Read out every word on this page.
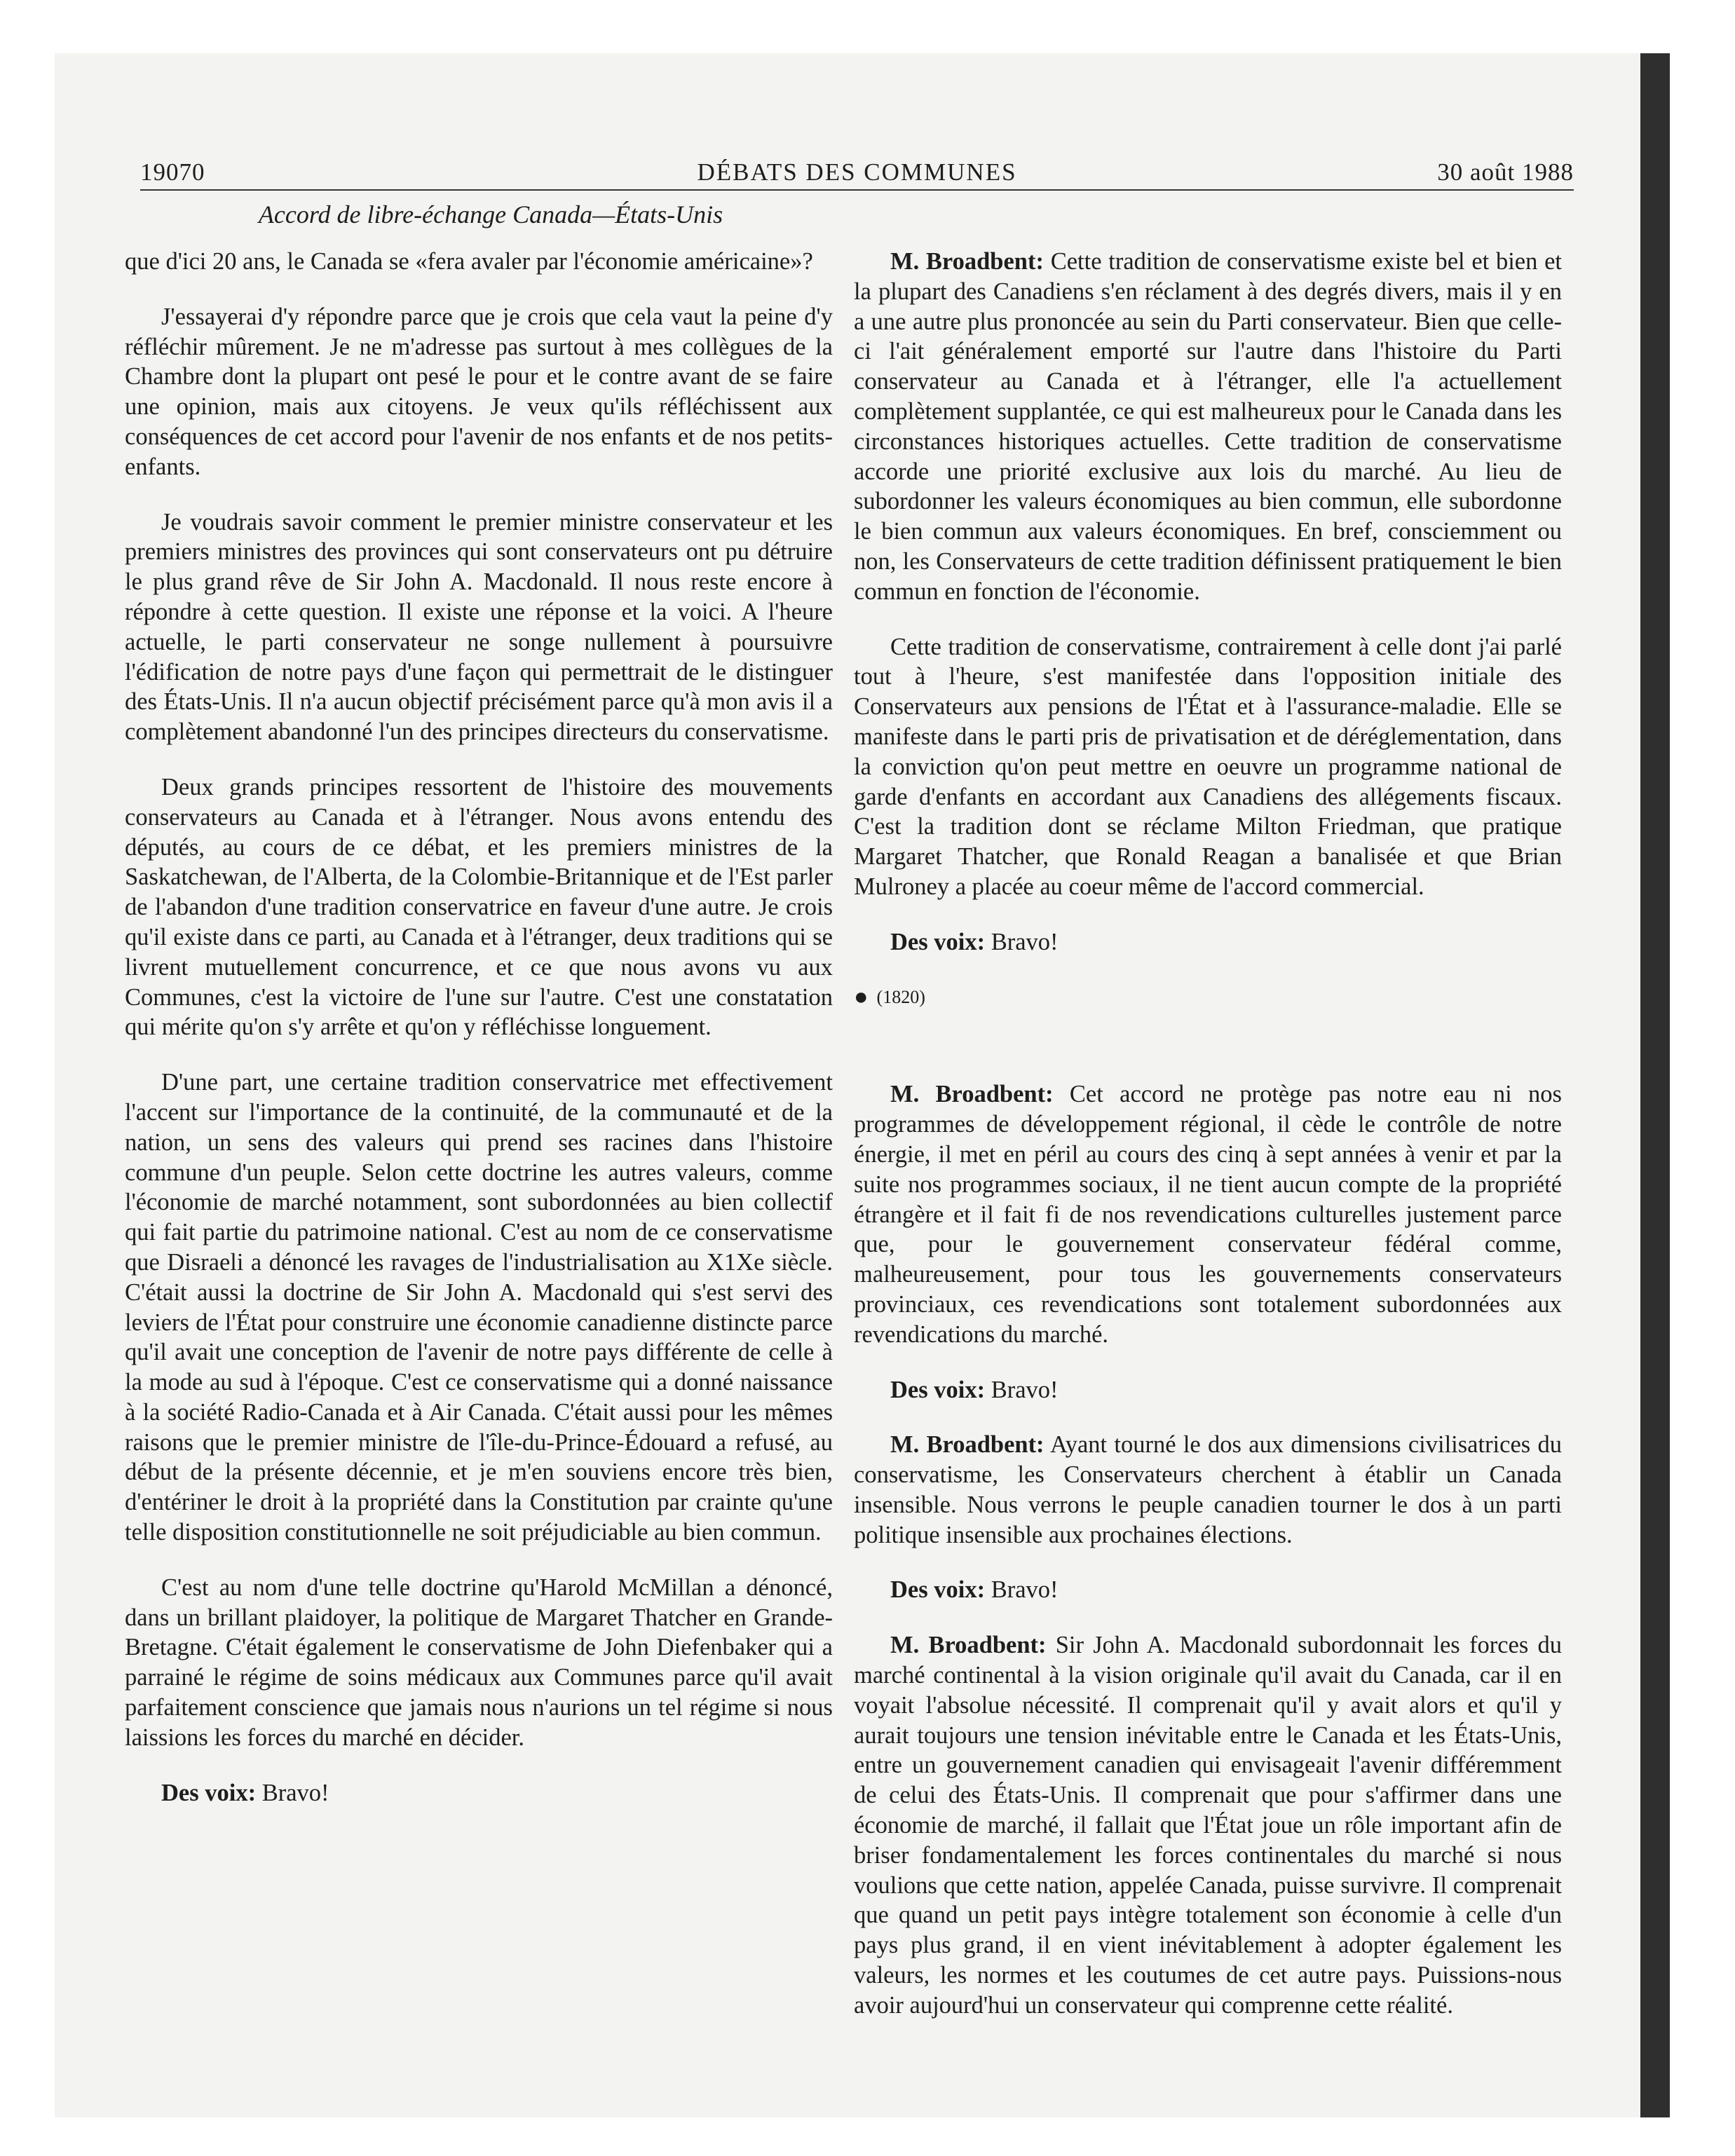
19070	DÉBATS DES COMMUNES	30 août 1988
Accord de libre-échange Canada—États-Unis

que d'ici 20 ans, le Canada se «fera avaler par l'économie américaine»?

J'essayerai d'y répondre parce que je crois que cela vaut la peine d'y réfléchir mûrement. Je ne m'adresse pas surtout à mes collègues de la Chambre dont la plupart ont pesé le pour et le contre avant de se faire une opinion, mais aux citoyens. Je veux qu'ils réfléchissent aux conséquences de cet accord pour l'avenir de nos enfants et de nos petits-enfants.

Je voudrais savoir comment le premier ministre conservateur et les premiers ministres des provinces qui sont conservateurs ont pu détruire le plus grand rêve de Sir John A. Macdonald. Il nous reste encore à répondre à cette question. Il existe une réponse et la voici. A l'heure actuelle, le parti conservateur ne songe nullement à poursuivre l'édification de notre pays d'une façon qui permettrait de le distinguer des États-Unis. Il n'a aucun objectif précisément parce qu'à mon avis il a complètement abandonné l'un des principes directeurs du conservatisme.

Deux grands principes ressortent de l'histoire des mouvements conservateurs au Canada et à l'étranger. Nous avons entendu des députés, au cours de ce débat, et les premiers ministres de la Saskatchewan, de l'Alberta, de la Colombie-Britannique et de l'Est parler de l'abandon d'une tradition conservatrice en faveur d'une autre. Je crois qu'il existe dans ce parti, au Canada et à l'étranger, deux traditions qui se livrent mutuellement concurrence, et ce que nous avons vu aux Communes, c'est la victoire de l'une sur l'autre. C'est une constatation qui mérite qu'on s'y arrête et qu'on y réfléchisse longuement.

D'une part, une certaine tradition conservatrice met effectivement l'accent sur l'importance de la continuité, de la communauté et de la nation, un sens des valeurs qui prend ses racines dans l'histoire commune d'un peuple. Selon cette doctrine les autres valeurs, comme l'économie de marché notamment, sont subordonnées au bien collectif qui fait partie du patrimoine national. C'est au nom de ce conservatisme que Disraeli a dénoncé les ravages de l'industrialisation au X1Xe siècle. C'était aussi la doctrine de Sir John A. Macdonald qui s'est servi des leviers de l'État pour construire une économie canadienne distincte parce qu'il avait une conception de l'avenir de notre pays différente de celle à la mode au sud à l'époque. C'est ce conservatisme qui a donné naissance à la société Radio-Canada et à Air Canada. C'était aussi pour les mêmes raisons que le premier ministre de l'île-du-Prince-Édouard a refusé, au début de la présente décennie, et je m'en souviens encore très bien, d'entériner le droit à la propriété dans la Constitution par crainte qu'une telle disposition constitutionnelle ne soit préjudiciable au bien commun.

C'est au nom d'une telle doctrine qu'Harold McMillan a dénoncé, dans un brillant plaidoyer, la politique de Margaret Thatcher en Grande-Bretagne. C'était également le conservatisme de John Diefenbaker qui a parrainé le régime de soins médicaux aux Communes parce qu'il avait parfaitement conscience que jamais nous n'aurions un tel régime si nous laissions les forces du marché en décider.

Des voix: Bravo!

M. Broadbent: Cette tradition de conservatisme existe bel et bien et la plupart des Canadiens s'en réclament à des degrés divers, mais il y en a une autre plus prononcée au sein du Parti conservateur. Bien que celle-ci l'ait généralement emporté sur l'autre dans l'histoire du Parti conservateur au Canada et à l'étranger, elle l'a actuellement complètement supplantée, ce qui est malheureux pour le Canada dans les circonstances historiques actuelles. Cette tradition de conservatisme accorde une priorité exclusive aux lois du marché. Au lieu de subordonner les valeurs économiques au bien commun, elle subordonne le bien commun aux valeurs économiques. En bref, consciemment ou non, les Conservateurs de cette tradition définissent pratiquement le bien commun en fonction de l'économie.

Cette tradition de conservatisme, contrairement à celle dont j'ai parlé tout à l'heure, s'est manifestée dans l'opposition initiale des Conservateurs aux pensions de l'État et à l'assurance-maladie. Elle se manifeste dans le parti pris de privatisation et de déréglementation, dans la conviction qu'on peut mettre en oeuvre un programme national de garde d'enfants en accordant aux Canadiens des allégements fiscaux. C'est la tradition dont se réclame Milton Friedman, que pratique Margaret Thatcher, que Ronald Reagan a banalisée et que Brian Mulroney a placée au coeur même de l'accord commercial.

Des voix: Bravo!

● (1820)

M. Broadbent: Cet accord ne protège pas notre eau ni nos programmes de développement régional, il cède le contrôle de notre énergie, il met en péril au cours des cinq à sept années à venir et par la suite nos programmes sociaux, il ne tient aucun compte de la propriété étrangère et il fait fi de nos revendications culturelles justement parce que, pour le gouvernement conservateur fédéral comme, malheureusement, pour tous les gouvernements conservateurs provinciaux, ces revendications sont totalement subordonnées aux revendications du marché.

Des voix: Bravo!

M. Broadbent: Ayant tourné le dos aux dimensions civilisatrices du conservatisme, les Conservateurs cherchent à établir un Canada insensible. Nous verrons le peuple canadien tourner le dos à un parti politique insensible aux prochaines élections.

Des voix: Bravo!

M. Broadbent: Sir John A. Macdonald subordonnait les forces du marché continental à la vision originale qu'il avait du Canada, car il en voyait l'absolue nécessité. Il comprenait qu'il y avait alors et qu'il y aurait toujours une tension inévitable entre le Canada et les États-Unis, entre un gouvernement canadien qui envisageait l'avenir différemment de celui des États-Unis. Il comprenait que pour s'affirmer dans une économie de marché, il fallait que l'État joue un rôle important afin de briser fondamentalement les forces continentales du marché si nous voulions que cette nation, appelée Canada, puisse survivre. Il comprenait que quand un petit pays intègre totalement son économie à celle d'un pays plus grand, il en vient inévitablement à adopter également les valeurs, les normes et les coutumes de cet autre pays. Puissions-nous avoir aujourd'hui un conservateur qui comprenne cette réalité.
